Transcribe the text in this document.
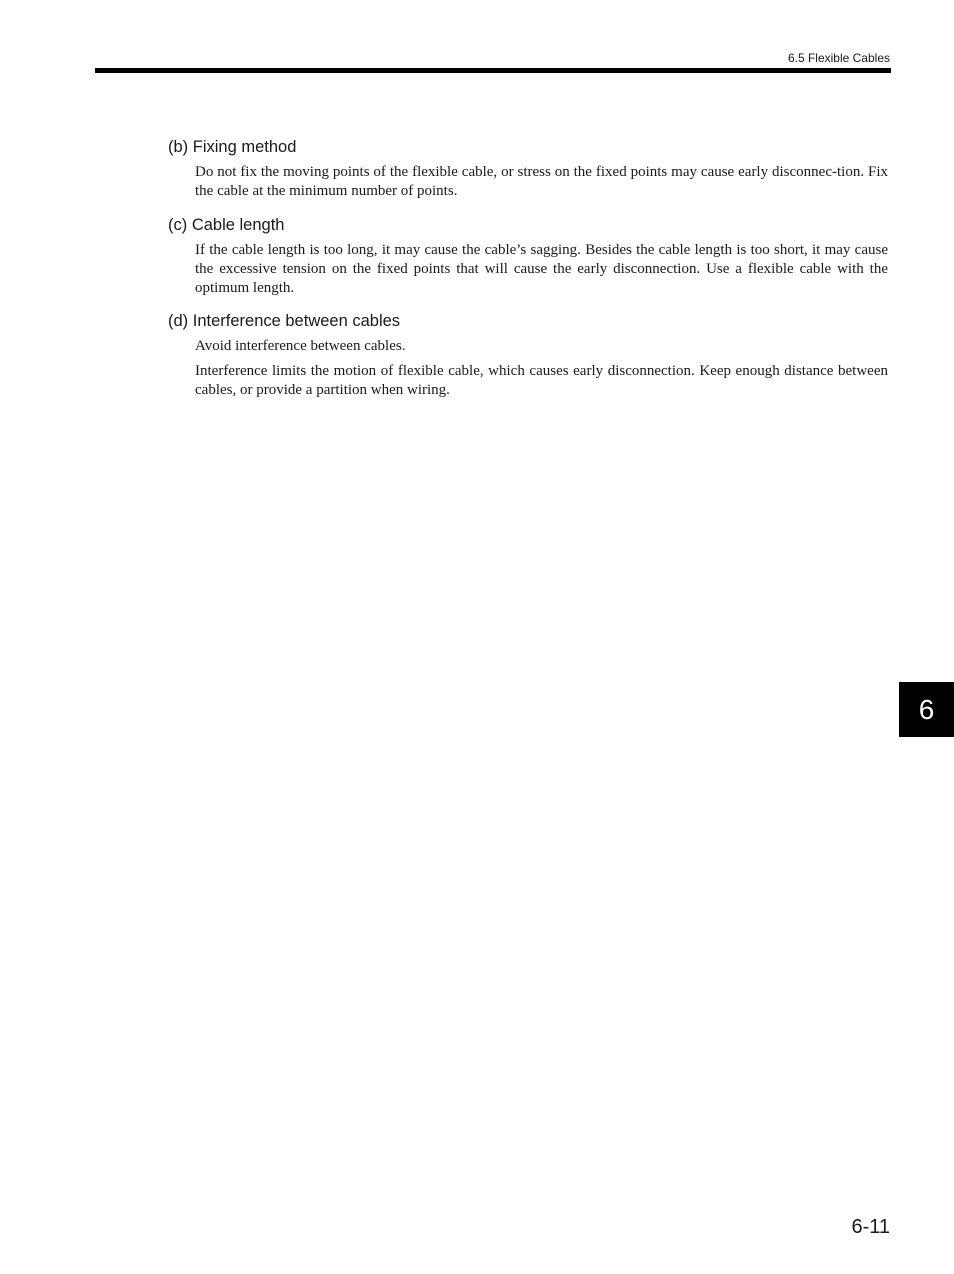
6.5 Flexible Cables
(b) Fixing method

Do not fix the moving points of the flexible cable, or stress on the fixed points may cause early disconnec-tion. Fix the cable at the minimum number of points.

(c) Cable length

If the cable length is too long, it may cause the cable’s sagging. Besides the cable length is too short, it may cause the excessive tension on the fixed points that will cause the early disconnection. Use a flexible cable with the optimum length.

(d) Interference between cables

Avoid interference between cables.

Interference limits the motion of flexible cable, which causes early disconnection. Keep enough distance between cables, or provide a partition when wiring.

6
6-11
